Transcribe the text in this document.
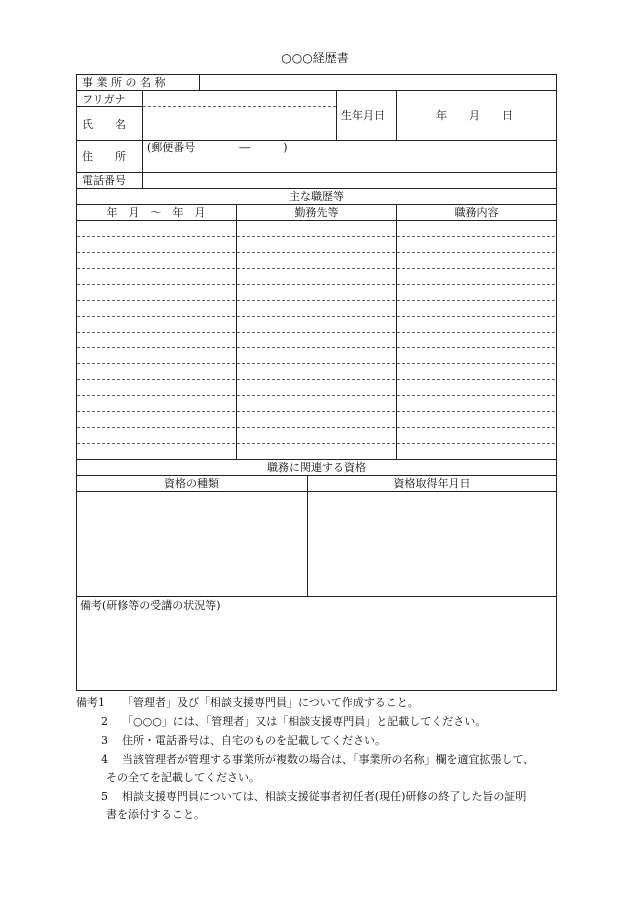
○○○経歴書
事 業 所 の 名 称
フリガナ
氏　　名
生年月日	年　　月　　日
住　　所
(郵便番号　　　　―　　　)
電話番号
主な職歴等
年　月　～　年　月	勤務先等	職務内容
職務に関連する資格
資格の種類	資格取得年月日
備考(研修等の受講の状況等)
備考1 「管理者」及び「相談支援専門員」について作成すること。
2 「○○○」には、「管理者」又は「相談支援専門員」と記載してください。
3 住所・電話番号は、自宅のものを記載してください。
4 当該管理者が管理する事業所が複数の場合は、「事業所の名称」欄を適宜拡張して、
その全てを記載してください。
5 相談支援専門員については、相談支援従事者初任者(現任)研修の終了した旨の証明
書を添付すること。
